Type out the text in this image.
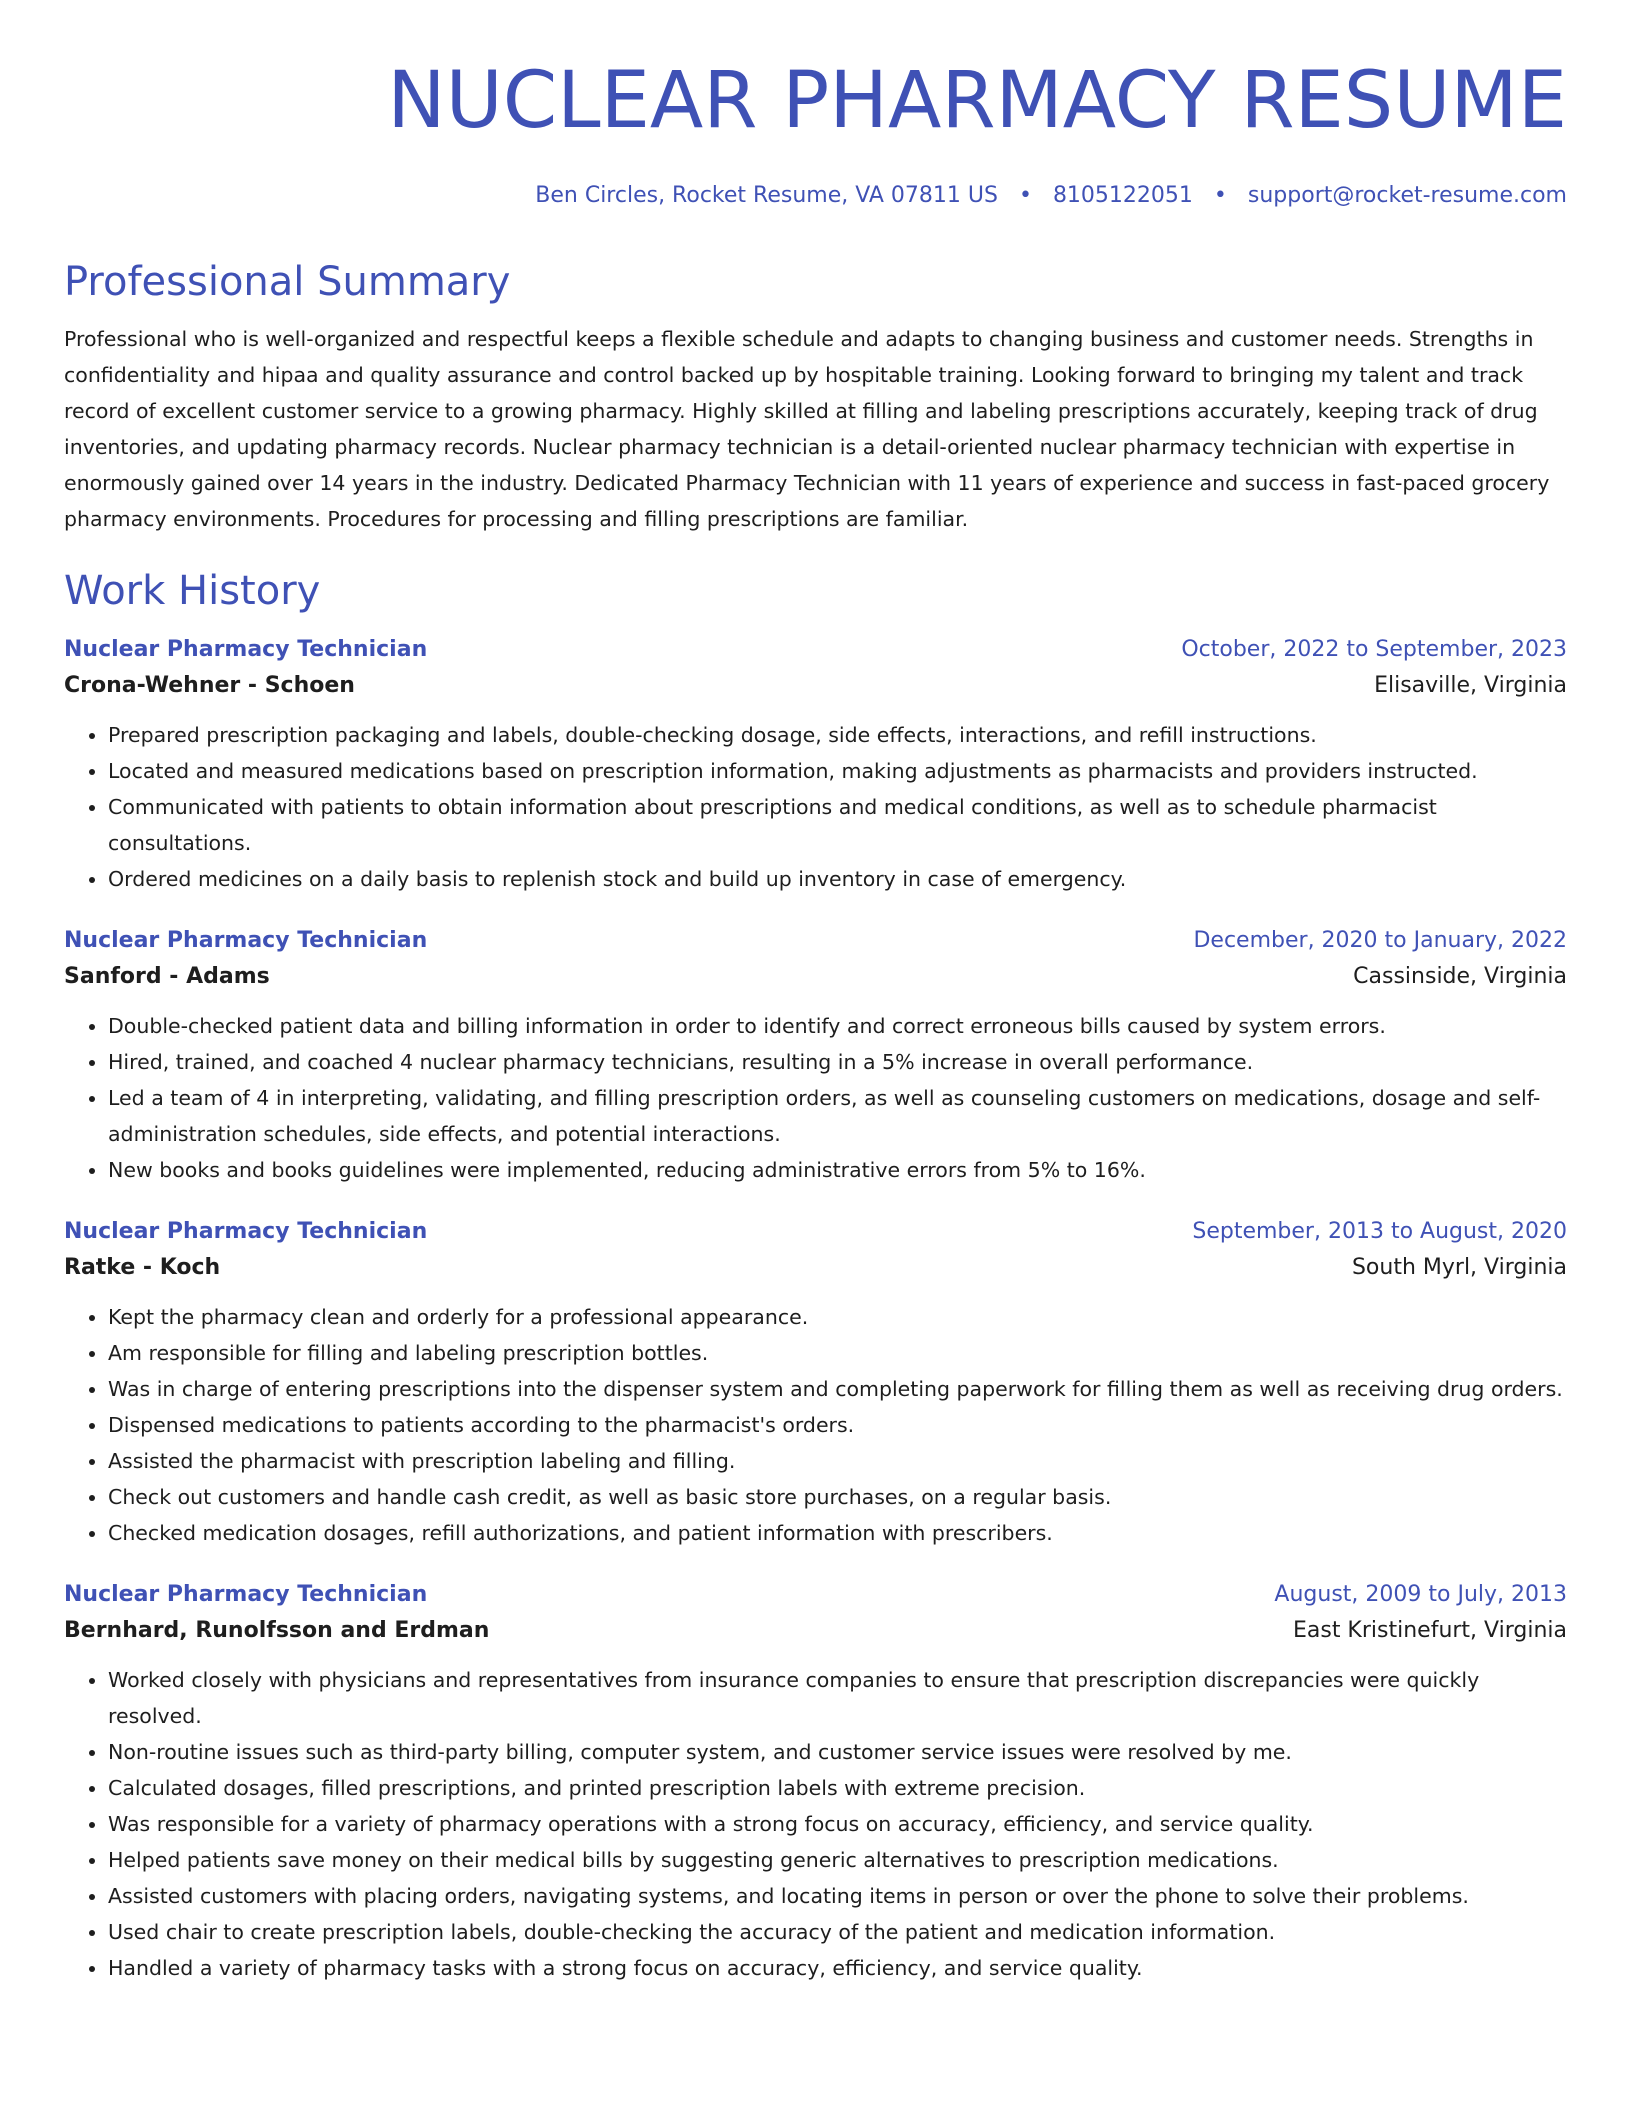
NUCLEAR PHARMACY RESUME
Ben Circles, Rocket Resume, VA 07811 US • 8105122051 • support@rocket-resume.com
Professional Summary
Professional who is well-organized and respectful keeps a flexible schedule and adapts to changing business and customer needs. Strengths in confidentiality and hipaa and quality assurance and control backed up by hospitable training. Looking forward to bringing my talent and track record of excellent customer service to a growing pharmacy. Highly skilled at filling and labeling prescriptions accurately, keeping track of drug inventories, and updating pharmacy records. Nuclear pharmacy technician is a detail-oriented nuclear pharmacy technician with expertise in enormously gained over 14 years in the industry. Dedicated Pharmacy Technician with 11 years of experience and success in fast-paced grocery pharmacy environments. Procedures for processing and filling prescriptions are familiar.
Work History
Nuclear Pharmacy Technician	October, 2022 to September, 2023
Crona-Wehner - Schoen	Elisaville, Virginia
• Prepared prescription packaging and labels, double-checking dosage, side effects, interactions, and refill instructions.
• Located and measured medications based on prescription information, making adjustments as pharmacists and providers instructed.
• Communicated with patients to obtain information about prescriptions and medical conditions, as well as to schedule pharmacist consultations.
• Ordered medicines on a daily basis to replenish stock and build up inventory in case of emergency.
Nuclear Pharmacy Technician	December, 2020 to January, 2022
Sanford - Adams	Cassinside, Virginia
• Double-checked patient data and billing information in order to identify and correct erroneous bills caused by system errors.
• Hired, trained, and coached 4 nuclear pharmacy technicians, resulting in a 5% increase in overall performance.
• Led a team of 4 in interpreting, validating, and filling prescription orders, as well as counseling customers on medications, dosage and self-administration schedules, side effects, and potential interactions.
• New books and books guidelines were implemented, reducing administrative errors from 5% to 16%.
Nuclear Pharmacy Technician	September, 2013 to August, 2020
Ratke - Koch	South Myrl, Virginia
• Kept the pharmacy clean and orderly for a professional appearance.
• Am responsible for filling and labeling prescription bottles.
• Was in charge of entering prescriptions into the dispenser system and completing paperwork for filling them as well as receiving drug orders.
• Dispensed medications to patients according to the pharmacist's orders.
• Assisted the pharmacist with prescription labeling and filling.
• Check out customers and handle cash credit, as well as basic store purchases, on a regular basis.
• Checked medication dosages, refill authorizations, and patient information with prescribers.
Nuclear Pharmacy Technician	August, 2009 to July, 2013
Bernhard, Runolfsson and Erdman	East Kristinefurt, Virginia
• Worked closely with physicians and representatives from insurance companies to ensure that prescription discrepancies were quickly resolved.
• Non-routine issues such as third-party billing, computer system, and customer service issues were resolved by me.
• Calculated dosages, filled prescriptions, and printed prescription labels with extreme precision.
• Was responsible for a variety of pharmacy operations with a strong focus on accuracy, efficiency, and service quality.
• Helped patients save money on their medical bills by suggesting generic alternatives to prescription medications.
• Assisted customers with placing orders, navigating systems, and locating items in person or over the phone to solve their problems.
• Used chair to create prescription labels, double-checking the accuracy of the patient and medication information.
• Handled a variety of pharmacy tasks with a strong focus on accuracy, efficiency, and service quality.
